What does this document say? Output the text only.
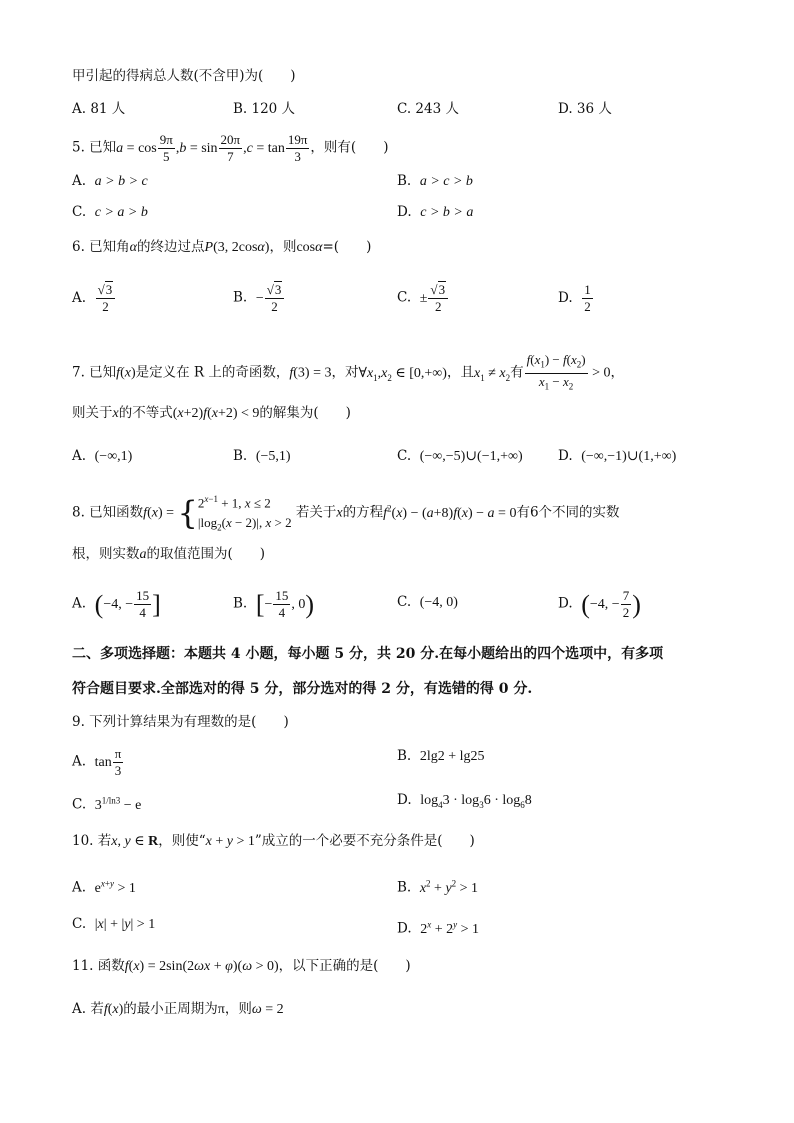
甲引起的得病总人数(不含甲)为(　　)
A. 81 人	B. 120 人	C. 243 人	D. 36 人
5. 已知$a = \cos \frac{9\pi}{5} ,b = \sin \frac{20\pi}{7} ,c = \tan \frac{19\pi}{3}$ ，则有(　　)
A. a > b > c	B. a > c > b
C. c > a > b	D. c > b > a
6. 已知角α的终边过点P(3, 2cosα)，则cosα=(　　)
A. $\frac{√3}{2}$	B. − $\frac{√3}{2}$	C. ± $\frac{√3}{2}$	D. $\frac{1}{2}$
7. 已知f(x)是定义在 R 上的奇函数，f(3) = 3，对$\forall x_1,x_2$ ∈ [0,+∞)，且$x_1 \ne x_2$有 $\frac{f(x_1) - f(x_2)}{x_1 - x_2} > 0$，
则关于x的不等式(x+2)f(x+2) < 9的解集为(　　)
A. (−∞,1)	B. (−5,1)	C. (−∞,−5)∪(−1,+∞)	D. (−∞,−1)∪(1,+∞)
8. 已知函数f(x) = { $2^{x-1} + 1$, x ≤ 2
$|\log_2(x - 2)|$, x > 2
若关于x的方程$f^2(x) - (a+8)f(x) - a = 0$有6个不同的实数
根，则实数a的取值范围为(　　)
A. (−4, − $\frac{15}{4}$ ]	B. [− $\frac{15}{4}$ , 0)	C. (−4, 0)	D. (−4, − $\frac{7}{2}$ )
二、多项选择题：本题共 4 小题，每小题 5 分，共 20 分.在每小题给出的四个选项中，有多项
符合题目要求.全部选对的得 5 分，部分选对的得 2 分，有选错的得 0 分.
9. 下列计算结果为有理数的是(　　)
A. $\tan \frac{\pi}{3}$	B. 2lg2 + lg25
C. $3^{1/ln3} - e$	D. $\log_43 \cdot \log_36 \cdot \log_68$
10. 若x, y ∈ R，则使“x + y > 1”成立的一个必要不充分条件是(　　)
A. $e^{x+y} > 1$	B. $x^2 + y^2 > 1$
C. |x| + |y| > 1	D. $2^x + 2^y > 1$
11. 函数f(x) = 2sin(2ωx + φ)(ω > 0)，以下正确的是(　　)
A. 若f(x)的最小正周期为π，则ω = 2
